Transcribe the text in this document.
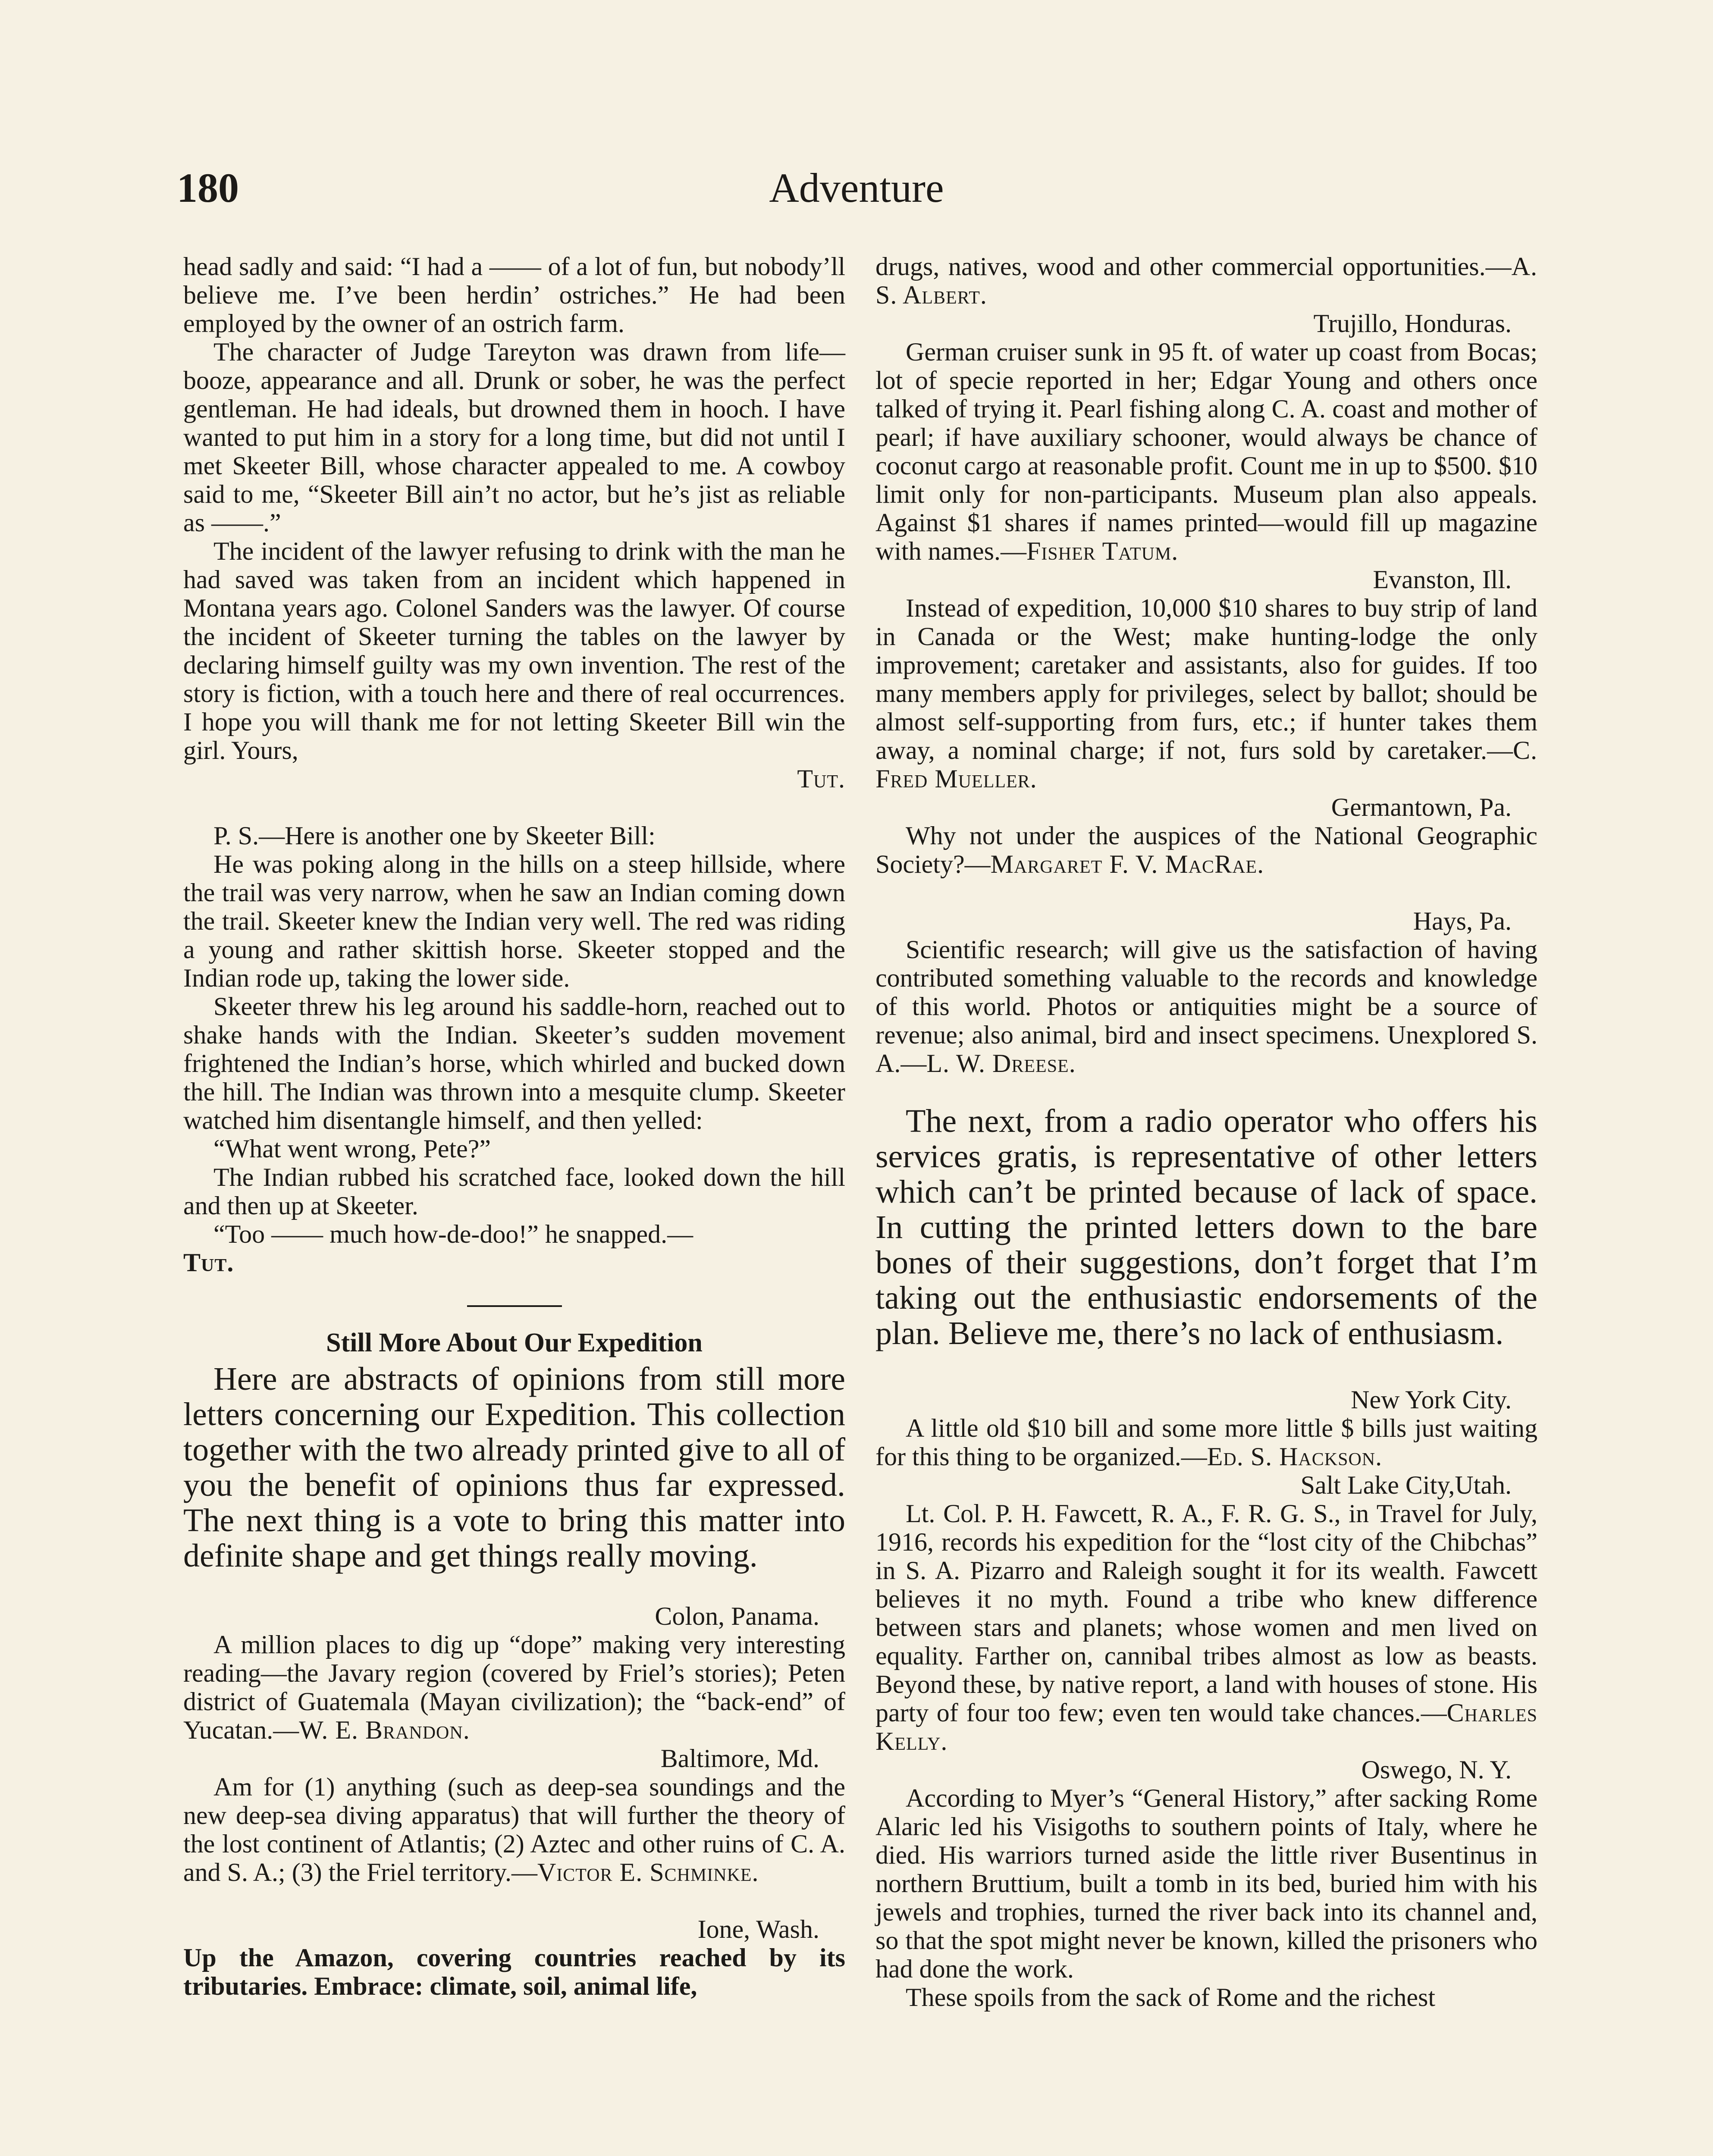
180	Adventure

head sadly and said: “I had a —— of a lot of fun, but nobody’ll believe me. I’ve been herdin’ ostriches.” He had been employed by the owner of an ostrich farm.

The character of Judge Tareyton was drawn from life—booze, appearance and all. Drunk or sober, he was the perfect gentleman. He had ideals, but drowned them in hooch. I have wanted to put him in a story for a long time, but did not until I met Skeeter Bill, whose character appealed to me. A cowboy said to me, “Skeeter Bill ain’t no actor, but he’s jist as reliable as ——.”

The incident of the lawyer refusing to drink with the man he had saved was taken from an incident which happened in Montana years ago. Colonel Sanders was the lawyer. Of course the incident of Skeeter turning the tables on the lawyer by declaring himself guilty was my own invention. The rest of the story is fiction, with a touch here and there of real occurrences. I hope you will thank me for not letting Skeeter Bill win the girl. Yours,

Tut.

P. S.—Here is another one by Skeeter Bill:

He was poking along in the hills on a steep hillside, where the trail was very narrow, when he saw an Indian coming down the trail. Skeeter knew the Indian very well. The red was riding a young and rather skittish horse. Skeeter stopped and the Indian rode up, taking the lower side.

Skeeter threw his leg around his saddle-horn, reached out to shake hands with the Indian. Skeeter’s sudden movement frightened the Indian’s horse, which whirled and bucked down the hill. The Indian was thrown into a mesquite clump. Skeeter watched him disentangle himself, and then yelled:

“What went wrong, Pete?”

The Indian rubbed his scratched face, looked down the hill and then up at Skeeter.

“Too —— much how-de-doo!” he snapped.—

Tut.

Still More About Our Expedition

Here are abstracts of opinions from still more letters concerning our Expedition. This collection together with the two already printed give to all of you the benefit of opinions thus far expressed. The next thing is a vote to bring this matter into definite shape and get things really moving.

Colon, Panama.

A million places to dig up “dope” making very interesting reading—the Javary region (covered by Friel’s stories); Peten district of Guatemala (Mayan civilization); the “back-end” of Yucatan.—W. E. Brandon.

Baltimore, Md.

Am for (1) anything (such as deep-sea soundings and the new deep-sea diving apparatus) that will further the theory of the lost continent of Atlantis; (2) Aztec and other ruins of C. A. and S. A.; (3) the Friel territory.—Victor E. Schminke.

Ione, Wash.

Up the Amazon, covering countries reached by its tributaries. Embrace: climate, soil, animal life,

drugs, natives, wood and other commercial opportunities.—A. S. Albert.

Trujillo, Honduras.

German cruiser sunk in 95 ft. of water up coast from Bocas; lot of specie reported in her; Edgar Young and others once talked of trying it. Pearl fishing along C. A. coast and mother of pearl; if have auxiliary schooner, would always be chance of coconut cargo at reasonable profit. Count me in up to $500. $10 limit only for non-participants. Museum plan also appeals. Against $1 shares if names printed—would fill up magazine with names.—Fisher Tatum.

Evanston, Ill.

Instead of expedition, 10,000 $10 shares to buy strip of land in Canada or the West; make hunting-lodge the only improvement; caretaker and assistants, also for guides. If too many members apply for privileges, select by ballot; should be almost self-supporting from furs, etc.; if hunter takes them away, a nominal charge; if not, furs sold by caretaker.—C. Fred Mueller.

Germantown, Pa.

Why not under the auspices of the National Geographic Society?—Margaret F. V. MacRae.

Hays, Pa.

Scientific research; will give us the satisfaction of having contributed something valuable to the records and knowledge of this world. Photos or antiquities might be a source of revenue; also animal, bird and insect specimens. Unexplored S. A.—L. W. Dreese.

The next, from a radio operator who offers his services gratis, is representative of other letters which can’t be printed because of lack of space. In cutting the printed letters down to the bare bones of their suggestions, don’t forget that I’m taking out the enthusiastic endorsements of the plan. Believe me, there’s no lack of enthusiasm.

New York City.

A little old $10 bill and some more little $ bills just waiting for this thing to be organized.—Ed. S. Hackson.

Salt Lake City,Utah.

Lt. Col. P. H. Fawcett, R. A., F. R. G. S., in Travel for July, 1916, records his expedition for the “lost city of the Chibchas” in S. A. Pizarro and Raleigh sought it for its wealth. Fawcett believes it no myth. Found a tribe who knew difference between stars and planets; whose women and men lived on equality. Farther on, cannibal tribes almost as low as beasts. Beyond these, by native report, a land with houses of stone. His party of four too few; even ten would take chances.—Charles Kelly.

Oswego, N. Y.

According to Myer’s “General History,” after sacking Rome Alaric led his Visigoths to southern points of Italy, where he died. His warriors turned aside the little river Busentinus in northern Bruttium, built a tomb in its bed, buried him with his jewels and trophies, turned the river back into its channel and, so that the spot might never be known, killed the prisoners who had done the work.

These spoils from the sack of Rome and the richest
